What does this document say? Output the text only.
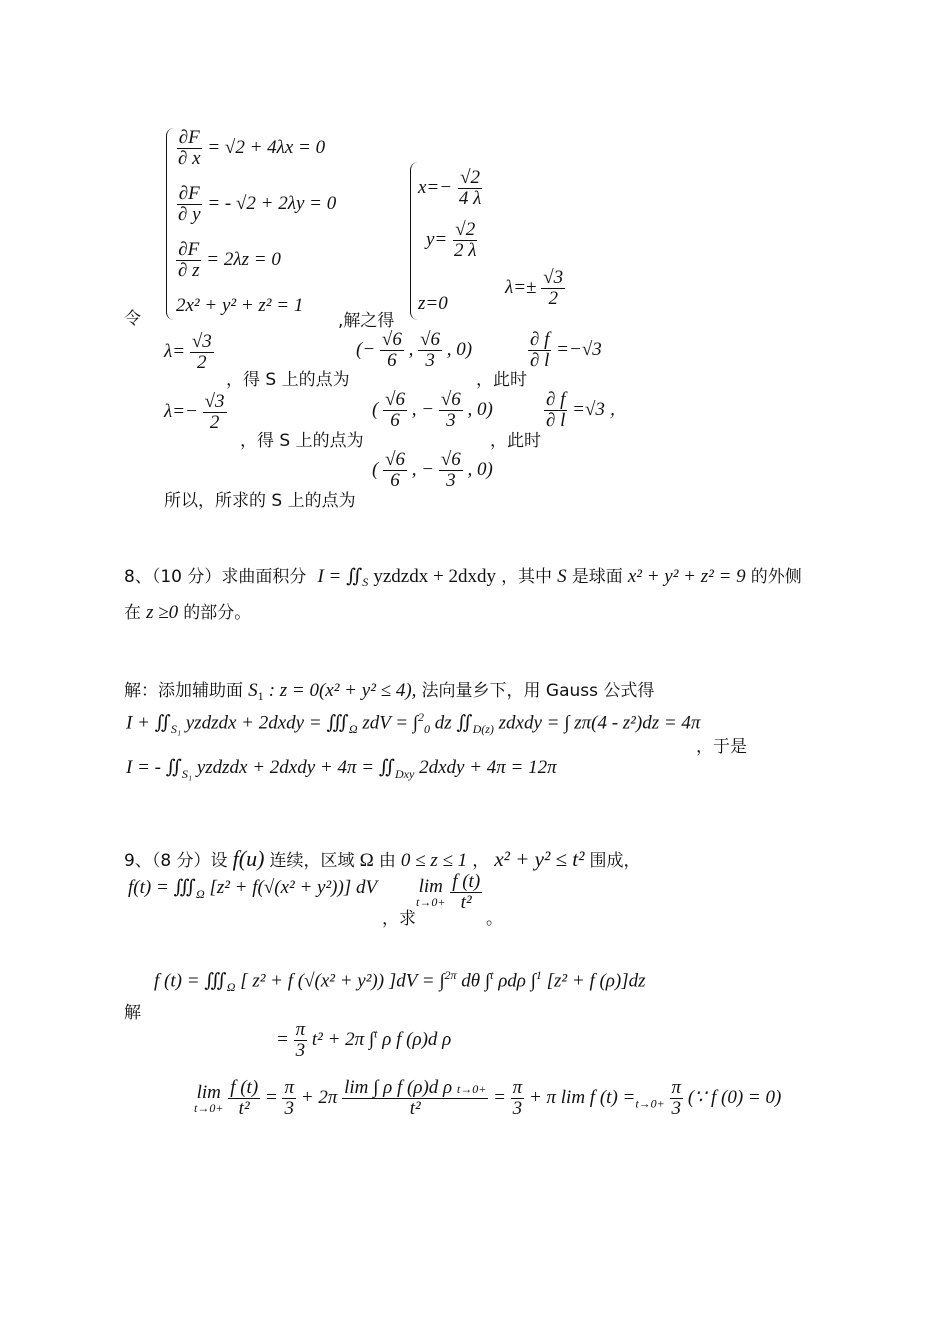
令
$\frac{\partial F}{\partial x} = √2 + 4\lambda x = 0$
$\frac{\partial F}{\partial y}$ = - √2 + 2λy = 0
$\frac{\partial F}{\partial z} = 2\lambda z = 0$
2x² + y² + z² = 1
,解之得
$x=- \frac{√2}{4 \lambda}$
$y= \frac{√2}{2 \lambda}$
z=0
$\lambda=\pm \frac{√3}{2}$
$\lambda= \frac{√3}{2}$
，得 S 上的点为
(− $\frac{√6}{6}$ , $\frac{√6}{3}$ , 0)
，此时
$\frac{\partial f}{\partial l} =-√3$
$\lambda=- \frac{√3}{2}$
，得 S 上的点为
( $\frac{√6}{6}$ , − $\frac{√6}{3}$ , 0)
，此时
$\frac{\partial f}{\partial l} =√3$ ，
所以，所求的 S 上的点为
( $\frac{√6}{6}$ , − $\frac{√6}{3}$ , 0)
8、（10 分）求曲面积分 $I = ∬_S$ yzdzdx + 2dxdy ，其中 S 是球面 x² + y² + z² = 9 的外侧
在 z ≥0 的部分。
解：添加辅助面 $S_1$ : z = 0(x² + y² ≤ 4), 法向量乡下，用 Gauss 公式得
$I + ∬_{S_1}$ yzdzdx + 2dxdy = $∭_\Omega$ zdV = ∫$^2_0$ dz $∬_{D(z)}$ zdxdy = ∫ zπ(4 - z²)dz = 4π
，于是
I = - $∬_{S_1}$ yzdzdx + 2dxdy + $4\pi = ∬_{Dxy}$ 2dxdy + 4π = 12π
9、（8 分）设 f(u) 连续，区域 Ω 由 0 ≤ z ≤ 1 ， x² + y² ≤ t² 围成，
$f(t) = ∭_\Omega$ [z² + f(√(x² + y²))] dV
，求
lim
t→0+
$\frac{f (t)}{\text{t²}}$
。
解
f $(t) = ∭_\Omega$ [ z² + f (√(x² + y²)) ]dV = ∫$^{2\pi}$ dθ ∫$^t$ ρdρ ∫$^1$ [z² + f (ρ)]dz
= $\frac{\pi}{3} t^2 + 2\pi$ ∫$^t$ ρ f (ρ)d ρ
lim
t→0+
$\frac{f (t)}{\text{t²}} = \frac{\pi}{3} + 2\pi \frac{\text{lim ∫ ρ f (ρ)d ρ t→0+}}{\text{t²}} = \frac{\pi}{3} + \pi$ lim f $(t) =_{t\to 0+} \frac{\pi}{3}$ (∵ f (0) = 0)
